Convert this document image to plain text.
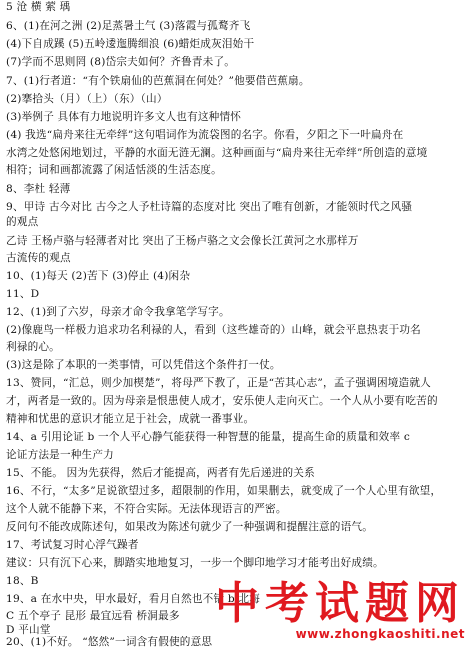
5 沧 横 萦 瑀
6、(1)在河之洲 (2)足蒸暑土气 (3)落霞与孤鹜齐飞
(4)下自成蹊 (5)五岭逶迤腾细浪 (6)蜡炬成灰泪始干
(7)学而不思则罔 (8)岱宗夫如何？齐鲁青未了。
7、(1)行者道：“有个铁扇仙的芭蕉洞在何处？”他要借芭蕉扇。
(2)搴拾头（月）（上）（东）（山）
(3)举例子 具体有力地说明许多文人也有这种情怀
(4) 我选“扁舟来往无牵绊”这句唱词作为流袋图的名字。你看，夕阳之下一叶扁舟在
水湾之处悠闲地划过，平静的水面无涟无澜。这种画面与“扁舟来往无牵绊”所创造的意境
相符；词和画都流露了闲适恬淡的生活态度。
8、李杜 轻薄
9、甲诗 古今对比 古今之人予杜诗篇的态度对比 突出了唯有创新，才能领时代之风骚
的观点
乙诗 王杨卢骆与轻薄者对比 突出了王杨卢骆之文会像长江黄河之水那样万
古流传的观点
10、(1)每天 (2)苦下 (3)停止 (4)闲杂
11、D
12、(1)到了六岁，母亲才命令我拿笔学写字。
(2)像鹿鸟一样极力追求功名利禄的人，看到（这些雄奇的）山峰，就会平息热衷于功名
利禄的心。
(3)这是除了本职的一类事情，可以凭借这个条件打一仗。
13、赞同，“汇总，则少加楔楚”，将母严下教了，正是“苦其心志”，孟子强调困境造就人
才，两者是一致的。因为母亲是恨患使人成才，安乐使人走向灭亡。一个人从小要有吃苦的
精神和忧患的意识才能立足于社会，成就一番事业。
14、a 引用论证 b 一个人平心静气能获得一种智慧的能量，提高生命的质量和效率 c
论证方法是一种生产力
15、不能。 因为先获得，然后才能提高，两者有先后递进的关系
16、不行，“太多”足说欲望过多，超限制的作用，如果删去，就变成了一个人心里有欲望，
这个人就不能静下来，不符合实际。无法体现语言的严密。
反问句不能改成陈述句，如果改为陈述句就少了一种强调和提醒注意的语气。
17、考试复习时心浮气躁者
建议：只有沉下心来，脚踏实地地复习，一步一个脚印地学习才能考出好成绩。
18、B
19、a 在水中央，甲水最好，看月自然也不错 b 北海
C 五个亭子 昆形 最宜远看 桥洞最多
D 平山堂
20、(1)不好。 “悠然”一词含有假使的意思
中考试题网
www.zhongkaoshiti.net
